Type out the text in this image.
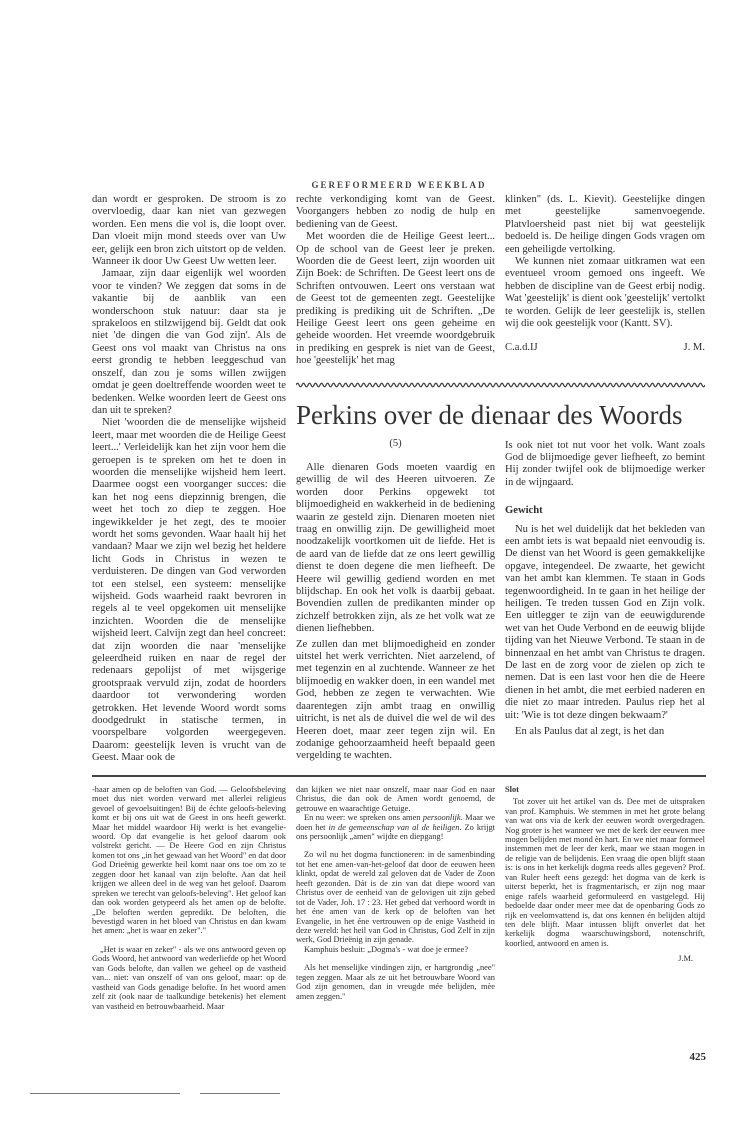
GEREFORMEERD WEEKBLAD

dan wordt er gesproken. De stroom is zo overvloedig, daar kan niet van gezwegen worden. Een mens die vol is, die loopt over. Dan vloeit mijn mond steeds over van Uw eer, gelijk een bron zich uitstort op de velden. Wanneer ik door Uw Geest Uw wetten leer.

Jamaar, zijn daar eigenlijk wel woorden voor te vinden? We zeggen dat soms in de vakantie bij de aanblik van een wonderschoon stuk natuur: daar sta je sprakeloos en stilzwijgend bij. Geldt dat ook niet 'de dingen die van God zijn'. Als de Geest ons vol maakt van Christus na ons eerst grondig te hebben leeggeschud van onszelf, dan zou je soms willen zwijgen omdat je geen doeltreffende woorden weet te bedenken. Welke woorden leert de Geest ons dan uit te spreken?

Niet 'woorden die de menselijke wijsheid leert, maar met woorden die de Heilige Geest leert...' Verleidelijk kan het zijn voor hem die geroepen is te spreken om het te doen in woorden die menselijke wijsheid hem leert. Daarmee oogst een voorganger succes: die kan het nog eens diepzinnig brengen, die weet het toch zo diep te zeggen. Hoe ingewikkelder je het zegt, des te mooier wordt het soms gevonden. Waar haalt hij het vandaan? Maar we zijn wel bezig het heldere licht Gods in Christus in wezen te verduisteren. De dingen van God verworden tot een stelsel, een systeem: menselijke wijsheid. Gods waarheid raakt bevroren in regels al te veel opgekomen uit menselijke inzichten. Woorden die de menselijke wijsheid leert. Calvijn zegt dan heel concreet: dat zijn woorden die naar 'menselijke geleerdheid ruiken en naar de regel der redenaars gepolijst of met wijsgerige grootspraak vervuld zijn, zodat de hoorders daardoor tot verwondering worden getrokken. Het levende Woord wordt soms doodgedrukt in statische termen, in voorspelbare volgorden weergegeven. Daarom: geestelijk leven is vrucht van de Geest. Maar ook de

rechte verkondiging komt van de Geest. Voorgangers hebben zo nodig de hulp en bediening van de Geest.

Met woorden die de Heilige Geest leert... Op de school van de Geest leer je preken. Woorden die de Geest leert, zijn woorden uit Zijn Boek: de Schriften. De Geest leert ons de Schriften ontvouwen. Leert ons verstaan wat de Geest tot de gemeenten zegt. Geestelijke prediking is prediking uit de Schriften. „De Heilige Geest leert ons geen geheime en geheide woorden. Het vreemde woordgebruik in prediking en gesprek is niet van de Geest, hoe 'geestelijk' het mag

klinken" (ds. L. Kievit). Geestelijke dingen met geestelijke samenvoegende. Platvloersheid past niet bij wat geestelijk bedoeld is. De heilige dingen Gods vragen om een geheiligde vertolking.

We kunnen niet zomaar uitkramen wat een eventueel vroom gemoed ons ingeeft. We hebben de discipline van de Geest erbij nodig. Wat 'geestelijk' is dient ook 'geestelijk' vertolkt te worden. Gelijk de leer geestelijk is, stellen wij die ook geestelijk voor (Kantt. SV).

C.a.d.IJ	J. M.
Perkins over de dienaar des Woords

(5)

Alle dienaren Gods moeten vaardig en gewillig de wil des Heeren uitvoeren. Ze worden door Perkins opgewekt tot blijmoedigheid en wakkerheid in de bediening waarin ze gesteld zijn. Dienaren moeten niet traag en onwillig zijn. De gewilligheid moet noodzakelijk voortkomen uit de liefde. Het is de aard van de liefde dat ze ons leert gewillig dienst te doen degene die men liefheeft. De Heere wil gewillig gediend worden en met blijdschap. En ook het volk is daarbij gebaat. Bovendien zullen de predikanten minder op zichzelf betrokken zijn, als ze het volk wat ze dienen liefhebben.

Ze zullen dan met blijmoedigheid en zonder uitstel het werk verrichten. Niet aarzelend, of met tegenzin en al zuchtende. Wanneer ze het blijmoedig en wakker doen, in een wandel met God, hebben ze zegen te verwachten. Wie daarentegen zijn ambt traag en onwillig uitricht, is net als de duivel die wel de wil des Heeren doet, maar zeer tegen zijn wil. En zodanige gehoorzaamheid heeft bepaald geen vergelding te wachten.

Is ook niet tot nut voor het volk. Want zoals God de blijmoedige gever liefheeft, zo bemint Hij zonder twijfel ook de blijmoedige werker in de wijngaard.

Gewicht

Nu is het wel duidelijk dat het bekleden van een ambt iets is wat bepaald niet eenvoudig is. De dienst van het Woord is geen gemakkelijke opgave, integendeel. De zwaarte, het gewicht van het ambt kan klemmen. Te staan in Gods tegenwoordigheid. In te gaan in het heilige der heiligen. Te treden tussen God en Zijn volk. Een uitlegger te zijn van de eeuwigdurende wet van het Oude Verbond en de eeuwig blijde tijding van het Nieuwe Verbond. Te staan in de binnenzaal en het ambt van Christus te dragen. De last en de zorg voor de zielen op zich te nemen. Dat is een last voor hen die de Heere dienen in het ambt, die met eerbied naderen en die niet zo maar intreden. Paulus riep het al uit: 'Wie is tot deze dingen bekwaam?'

En als Paulus dat al zegt, is het dan

-haar amen op de beloften van God. — Geloofsbeleving moet dus niet worden verward met allerlei religieus gevoel of gevoelsuitingen! Bij de échte geloofs-beleving komt er bij ons uit wat de Geest in ons heeft gewerkt. Maar het middel waardoor Hij werkt is het evangelie-woord. Op dat evangelie is het geloof daarom ook volstrekt gericht. — De Heere God en zijn Christus komen tot ons „in het gewaad van het Woord" en dat door God Drieënig gewerkte heil komt naar ons toe om zo te zeggen door het kanaal van zijn belofte. Aan dat heil krijgen we alleen deel in de weg van het geloof. Daarom spreken we terecht van geloofs-beleving". Het geloof kan dan ook worden getypeerd als het amen op de belofte. „De beloften werden gepredikt. De beloften, die bevestigd waren in het bloed van Christus en dan kwam het amen: „het is waar en zeker"."

„Het is waar en zeker" - als we ons antwoord geven op Gods Woord, het antwoord van wederliefde op het Woord van Gods belofte, dan vallen we geheel op de vastheid van... niet: van onszelf of van ons geloof, maar: op de vastheid van Gods genadige belofte. In het woord amen zelf zit (ook naar de taalkundige betekenis) het element van vastheid en betrouwbaarheid. Maar

dan kijken we niet naar onszelf, maar naar God en naar Christus, die dan ook de Amen wordt genoemd, de getrouwe en waarachtige Getuige.

En nu weer: we spreken ons amen persoonlijk. Maar we doen het in de gemeenschap van al de heiligen. Zo krijgt ons persoonlijk „amen" wijdte en diepgang!

Zo wil nu het dogma functioneren: in de samenbinding tot het ene amen-van-het-geloof dat door de eeuwen heen klinkt, opdat de wereld zal geloven dat de Vader de Zoon heeft gezonden. Dát is de zin van dat diepe woord van Christus over de eenheid van de gelovigen uit zijn gebed tot de Vader, Joh. 17 : 23. Het gebed dat verhoord wordt in het éne amen van de kerk op de beloften van het Evangelie, in het éne vertrouwen op de enige Vastheid in deze wereld: het heil van God in Christus, God Zelf in zijn werk, God Drieënig in zijn genade.

Kamphuis besluit: „Dogma's - wat doe je ermee?

Als het menselijke vindingen zijn, er hartgrondig „nee" tegen zeggen. Maar als ze uit het betrouwbare Woord van God zijn genomen, dan in vreugde mée belijden, mèe amen zeggen."

Slot

Tot zover uit het artikel van ds. Dee met de uitspraken van prof. Kamphuis. We stemmen in met het grote belang van wat ons via de kerk der eeuwen wordt overgedragen. Nog groter is het wanneer we met de kerk der eeuwen mee mogen belijden met mond èn hart. En we niet maar formeel instemmen met de leer der kerk, maar we staan mogen in de religie van de belijdenis. Een vraag die open blijft staan is: is ons in het kerkelijk dogma reeds alles gegeven? Prof. van Ruler heeft eens gezegd: het dogma van de kerk is uiterst beperkt, het is fragmentarisch, er zijn nog maar enige rafels waarheid geformuleerd en vastgelegd. Hij bedoelde daar onder meer mee dat de openbaring Gods zo rijk en veelomvattend is, dat ons kennen én belijden altijd ten dele blijft. Maar intussen blijft onverlet dat het kerkelijk dogma waarschuwingsbord, notenschrift, koorlied, antwoord en amen is.

J.M.

425
